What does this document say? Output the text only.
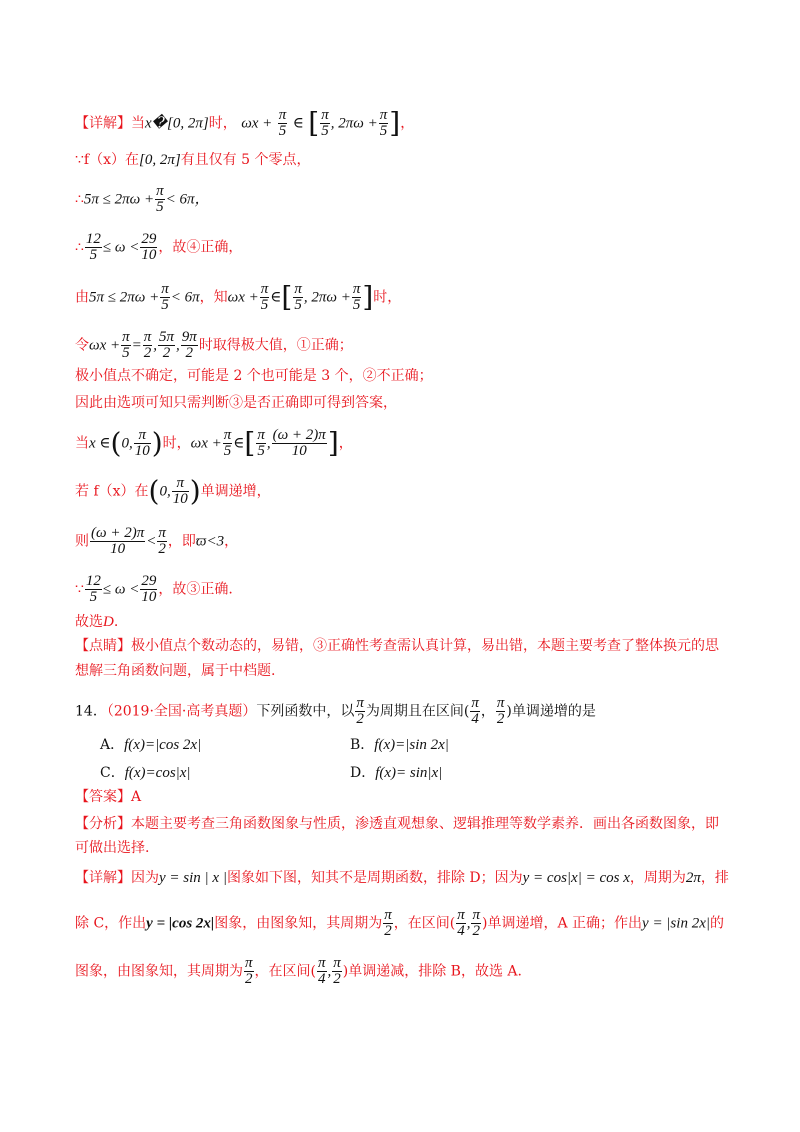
【详解】当x�[0, 2π]时， $\omega x + \frac{\pi}{5}$ ∈ [ $\frac{\pi}{5}$ , $2\pi\omega + \frac{\pi}{5}$ ]，
∵f（x）在[0, 2π]有且仅有 5 个零点，
∴5π ≤ $2\pi\omega + \frac{\pi}{5} < 6\pi$，
∴ $\frac{12}{5} \le \omega < \frac{29}{10}$ ，故④正确，
由$5\pi \le 2\pi\omega + \frac{\pi}{5} < 6\pi$，知$\omega x + \frac{\pi}{5}$ ∈[ $\frac{\pi}{5}$ , $2\pi\omega + \frac{\pi}{5}$ ]时，
令$\omega x + \frac{\pi}{5} = \frac{\pi}{2}$ , $\frac{5\pi}{2}$ , $\frac{9\pi}{2}$ 时取得极大值，①正确；
极小值点不确定，可能是 2 个也可能是 3 个，②不正确；
因此由选项可知只需判断③是否正确即可得到答案，
当x ∈(0, $\frac{\pi}{10}$ )时，$\omega x + \frac{\pi}{5}$ ∈[ $\frac{\pi}{5}$ , $\frac{(\omega + 2)\pi}{10}$ ]，
若 f（x）在(0, $\frac{\pi}{10}$ )单调递增，
则 $\frac{(\omega + 2)\pi}{10} < \frac{\pi}{2}$ ，即ϖ<3，
∵ $\frac{12}{5} \le \omega < \frac{29}{10}$ ，故③正确.
故选D.
【点睛】极小值点个数动态的，易错，③正确性考查需认真计算，易出错，本题主要考查了整体换元的思
想解三角函数问题，属于中档题.
14．（2019·全国·高考真题）下列函数中，以 $\frac{\pi}{2}$ 为周期且在区间( $\frac{\pi}{4}$ ， $\frac{\pi}{2}$ )单调递增的是
A．f(x)=|cos 2x|	B．f(x)=|sin 2x|
C．f(x)=cos|x|	D．f(x)= sin|x|
【答案】A
【分析】本题主要考查三角函数图象与性质，渗透直观想象、逻辑推理等数学素养．画出各函数图象，即
可做出选择.
【详解】因为y = sin | x |图象如下图，知其不是周期函数，排除 D；因为y = cos|x| = cos x，周期为2π，排
除 C，作出y = |cos 2x|图象，由图象知，其周期为 $\frac{\pi}{2}$ ，在区间( $\frac{\pi}{4}$ , $\frac{\pi}{2}$ )单调递增，A 正确；作出y = |sin 2x|的
图象，由图象知，其周期为 $\frac{\pi}{2}$ ，在区间( $\frac{\pi}{4}$ , $\frac{\pi}{2}$ )单调递减，排除 B，故选 A.
